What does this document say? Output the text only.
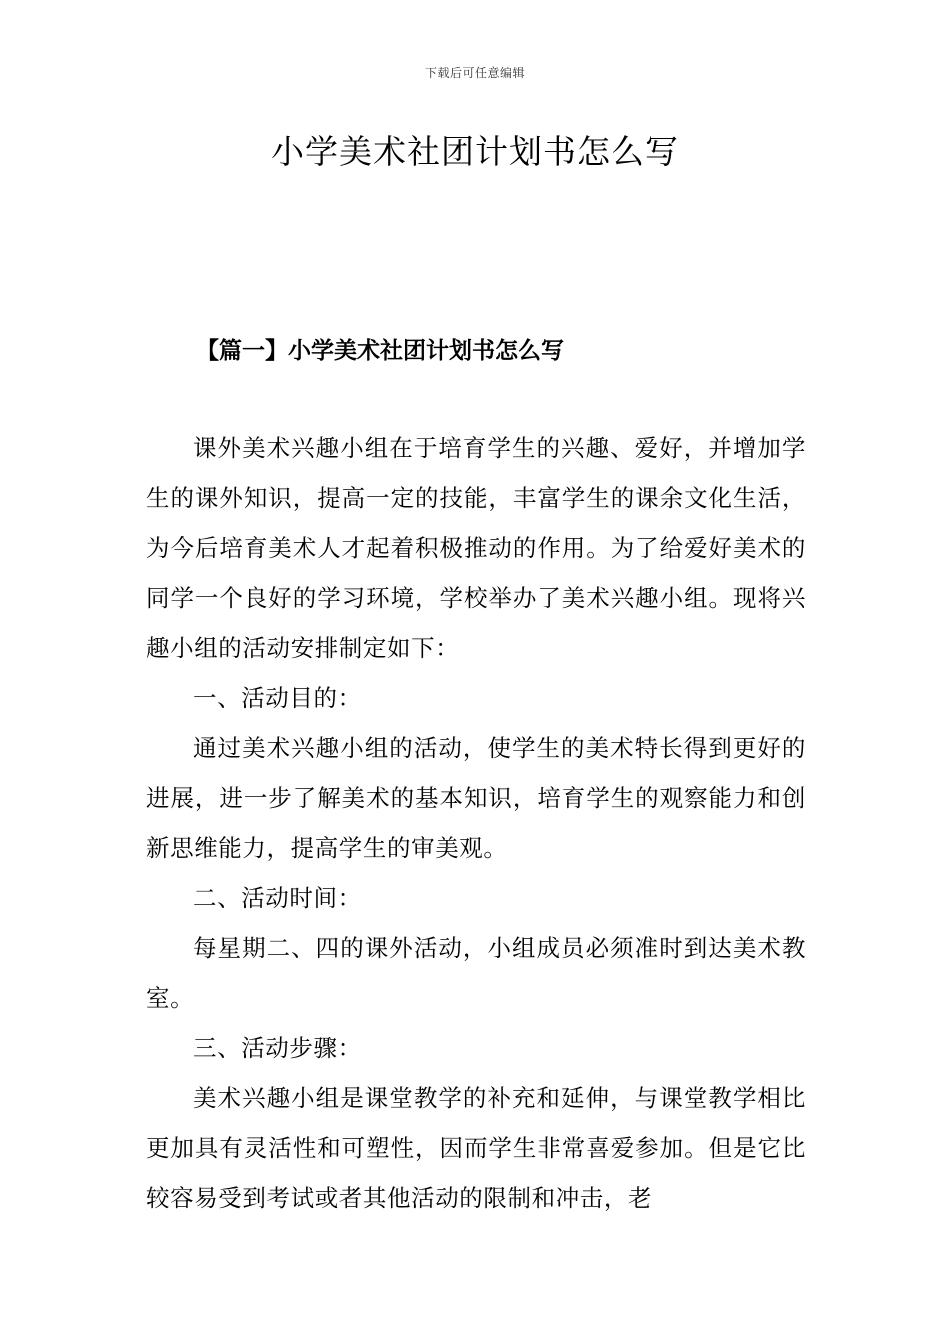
下载后可任意编辑
小学美术社团计划书怎么写
【篇一】小学美术社团计划书怎么写

课外美术兴趣小组在于培育学生的兴趣、爱好，并增加学生的课外知识，提高一定的技能，丰富学生的课余文化生活，为今后培育美术人才起着积极推动的作用。为了给爱好美术的同学一个良好的学习环境，学校举办了美术兴趣小组。现将兴趣小组的活动安排制定如下：

一、活动目的：

通过美术兴趣小组的活动，使学生的美术特长得到更好的进展，进一步了解美术的基本知识，培育学生的观察能力和创新思维能力，提高学生的审美观。

二、活动时间：

每星期二、四的课外活动，小组成员必须准时到达美术教室。

三、活动步骤：

美术兴趣小组是课堂教学的补充和延伸，与课堂教学相比更加具有灵活性和可塑性，因而学生非常喜爱参加。但是它比较容易受到考试或者其他活动的限制和冲击，老
